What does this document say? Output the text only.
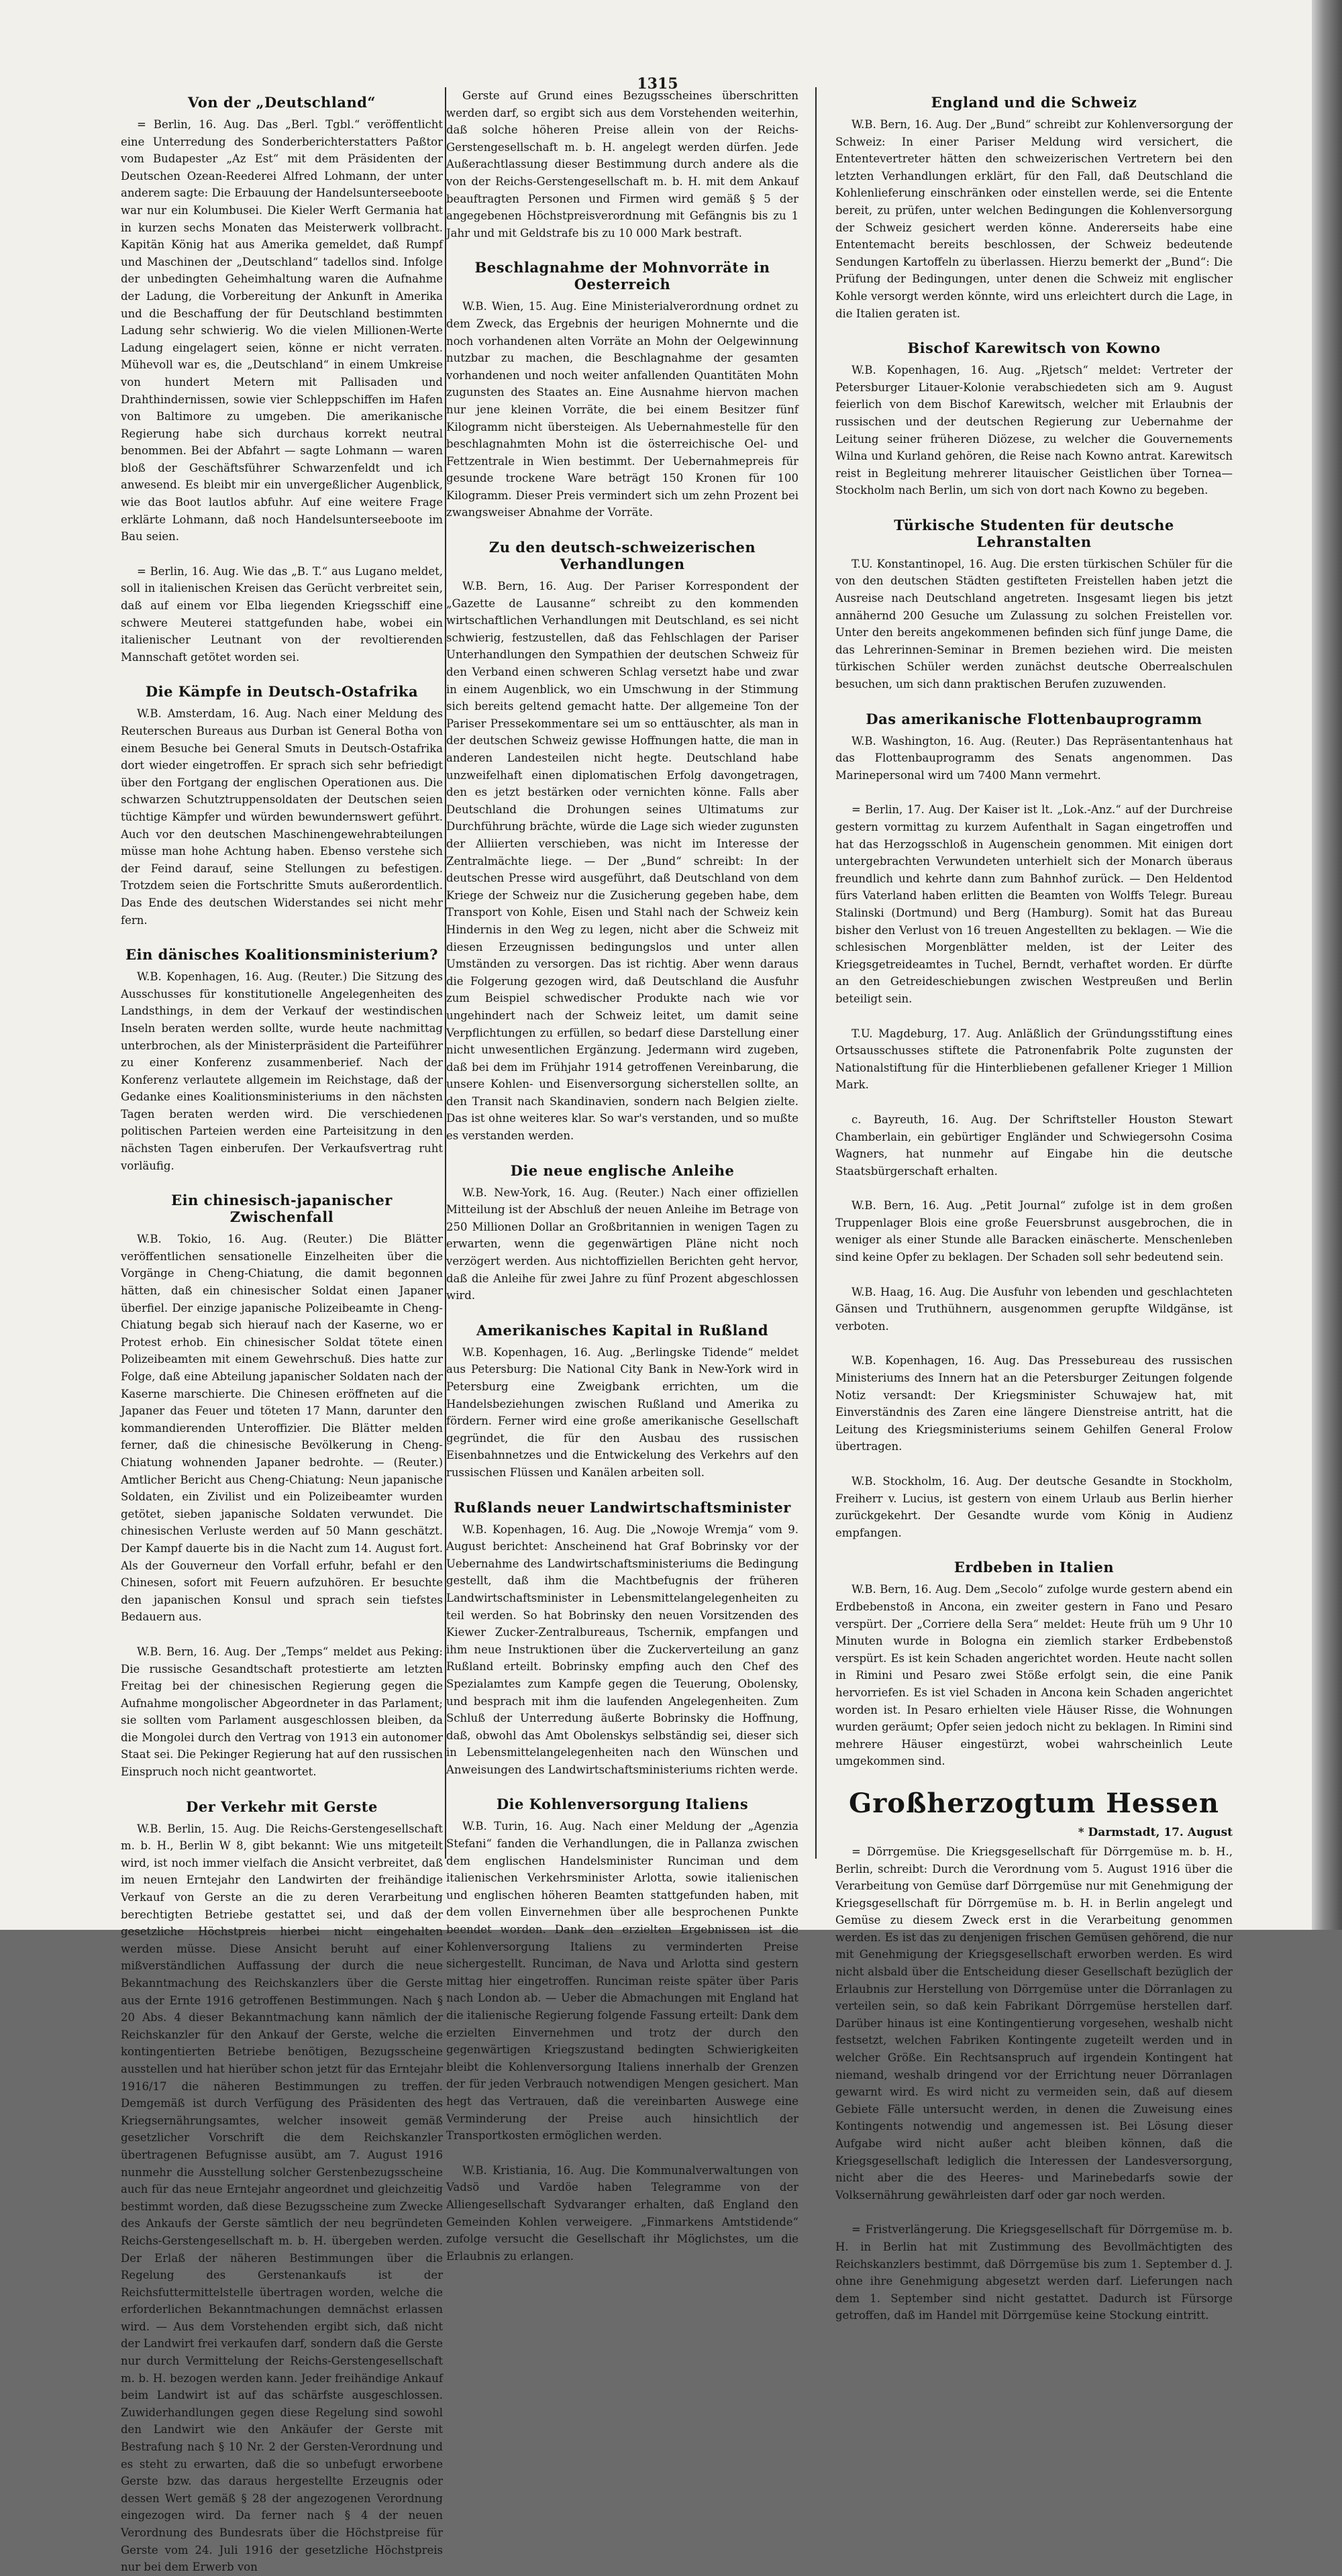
1315
Von der „Deutschland“
= Berlin, 16. Aug. Das „Berl. Tgbl.“ veröffentlicht eine Unterredung des Sonderberichterstatters Paßtor vom Budapester „Az Est“ mit dem Präsidenten der Deutschen Ozean-Reederei Alfred Lohmann, der unter anderem sagte: Die Erbauung der Handelsunterseeboote war nur ein Kolumbusei. Die Kieler Werft Germania hat in kurzen sechs Monaten das Meisterwerk vollbracht. Kapitän König hat aus Amerika gemeldet, daß Rumpf und Maschinen der „Deutschland“ tadellos sind. Infolge der unbedingten Geheimhaltung waren die Aufnahme der Ladung, die Vorbereitung der Ankunft in Amerika und die Beschaffung der für Deutschland bestimmten Ladung sehr schwierig. Wo die vielen Millionen-Werte Ladung eingelagert seien, könne er nicht verraten. Mühevoll war es, die „Deutschland“ in einem Umkreise von hundert Metern mit Pallisaden und Drahthindernissen, sowie vier Schleppschiffen im Hafen von Baltimore zu umgeben. Die amerikanische Regierung habe sich durchaus korrekt neutral benommen. Bei der Abfahrt — sagte Lohmann — waren bloß der Geschäftsführer Schwarzenfeldt und ich anwesend. Es bleibt mir ein unvergeßlicher Augenblick, wie das Boot lautlos abfuhr. Auf eine weitere Frage erklärte Lohmann, daß noch Handelsunterseeboote im Bau seien.
= Berlin, 16. Aug. Wie das „B. T.“ aus Lugano meldet, soll in italienischen Kreisen das Gerücht verbreitet sein, daß auf einem vor Elba liegenden Kriegsschiff eine schwere Meuterei stattgefunden habe, wobei ein italienischer Leutnant von der revoltierenden Mannschaft getötet worden sei.
Die Kämpfe in Deutsch-Ostafrika
W.B. Amsterdam, 16. Aug. Nach einer Meldung des Reuterschen Bureaus aus Durban ist General Botha von einem Besuche bei General Smuts in Deutsch-Ostafrika dort wieder eingetroffen. Er sprach sich sehr befriedigt über den Fortgang der englischen Operationen aus. Die schwarzen Schutztruppensoldaten der Deutschen seien tüchtige Kämpfer und würden bewundernswert geführt. Auch vor den deutschen Maschinengewehrabteilungen müsse man hohe Achtung haben. Ebenso verstehe sich der Feind darauf, seine Stellungen zu befestigen. Trotzdem seien die Fortschritte Smuts außerordentlich. Das Ende des deutschen Widerstandes sei nicht mehr fern.
Ein dänisches Koalitionsministerium?
W.B. Kopenhagen, 16. Aug. (Reuter.) Die Sitzung des Ausschusses für konstitutionelle Angelegenheiten des Landsthings, in dem der Verkauf der westindischen Inseln beraten werden sollte, wurde heute nachmittag unterbrochen, als der Ministerpräsident die Parteiführer zu einer Konferenz zusammenberief. Nach der Konferenz verlautete allgemein im Reichstage, daß der Gedanke eines Koalitionsministeriums in den nächsten Tagen beraten werden wird. Die verschiedenen politischen Parteien werden eine Parteisitzung in den nächsten Tagen einberufen. Der Verkaufsvertrag ruht vorläufig.
Ein chinesisch-japanischer Zwischenfall
W.B. Tokio, 16. Aug. (Reuter.) Die Blätter veröffentlichen sensationelle Einzelheiten über die Vorgänge in Cheng-Chiatung, die damit begonnen hätten, daß ein chinesischer Soldat einen Japaner überfiel. Der einzige japanische Polizeibeamte in Cheng-Chiatung begab sich hierauf nach der Kaserne, wo er Protest erhob. Ein chinesischer Soldat tötete einen Polizeibeamten mit einem Gewehrschuß. Dies hatte zur Folge, daß eine Abteilung japanischer Soldaten nach der Kaserne marschierte. Die Chinesen eröffneten auf die Japaner das Feuer und töteten 17 Mann, darunter den kommandierenden Unteroffizier. Die Blätter melden ferner, daß die chinesische Bevölkerung in Cheng-Chiatung wohnenden Japaner bedrohte. — (Reuter.) Amtlicher Bericht aus Cheng-Chiatung: Neun japanische Soldaten, ein Zivilist und ein Polizeibeamter wurden getötet, sieben japanische Soldaten verwundet. Die chinesischen Verluste werden auf 50 Mann geschätzt. Der Kampf dauerte bis in die Nacht zum 14. August fort. Als der Gouverneur den Vorfall erfuhr, befahl er den Chinesen, sofort mit Feuern aufzuhören. Er besuchte den japanischen Konsul und sprach sein tiefstes Bedauern aus.
W.B. Bern, 16. Aug. Der „Temps“ meldet aus Peking: Die russische Gesandtschaft protestierte am letzten Freitag bei der chinesischen Regierung gegen die Aufnahme mongolischer Abgeordneter in das Parlament; sie sollten vom Parlament ausgeschlossen bleiben, da die Mongolei durch den Vertrag von 1913 ein autonomer Staat sei. Die Pekinger Regierung hat auf den russischen Einspruch noch nicht geantwortet.
Der Verkehr mit Gerste
W.B. Berlin, 15. Aug. Die Reichs-Gerstengesellschaft m. b. H., Berlin W 8, gibt bekannt: Wie uns mitgeteilt wird, ist noch immer vielfach die Ansicht verbreitet, daß im neuen Erntejahr den Landwirten der freihändige Verkauf von Gerste an die zu deren Verarbeitung berechtigten Betriebe gestattet sei, und daß der gesetzliche Höchstpreis hierbei nicht eingehalten werden müsse. Diese Ansicht beruht auf einer mißverständlichen Auffassung der durch die neue Bekanntmachung des Reichskanzlers über die Gerste aus der Ernte 1916 getroffenen Bestimmungen. Nach § 20 Abs. 4 dieser Bekanntmachung kann nämlich der Reichskanzler für den Ankauf der Gerste, welche die kontingentierten Betriebe benötigen, Bezugsscheine ausstellen und hat hierüber schon jetzt für das Erntejahr 1916/17 die näheren Bestimmungen zu treffen. Demgemäß ist durch Verfügung des Präsidenten des Kriegsernährungsamtes, welcher insoweit gemäß gesetzlicher Vorschrift die dem Reichskanzler übertragenen Befugnisse ausübt, am 7. August 1916 nunmehr die Ausstellung solcher Gerstenbezugsscheine auch für das neue Erntejahr angeordnet und gleichzeitig bestimmt worden, daß diese Bezugsscheine zum Zwecke des Ankaufs der Gerste sämtlich der neu begründeten Reichs-Gerstengesellschaft m. b. H. übergeben werden. Der Erlaß der näheren Bestimmungen über die Regelung des Gerstenankaufs ist der Reichsfuttermittelstelle übertragen worden, welche die erforderlichen Bekanntmachungen demnächst erlassen wird. — Aus dem Vorstehenden ergibt sich, daß nicht der Landwirt frei verkaufen darf, sondern daß die Gerste nur durch Vermittelung der Reichs-Gerstengesellschaft m. b. H. bezogen werden kann. Jeder freihändige Ankauf beim Landwirt ist auf das schärfste ausgeschlossen. Zuwiderhandlungen gegen diese Regelung sind sowohl den Landwirt wie den Ankäufer der Gerste mit Bestrafung nach § 10 Nr. 2 der Gersten-Verordnung und es steht zu erwarten, daß die so unbefugt erworbene Gerste bzw. das daraus hergestellte Erzeugnis oder dessen Wert gemäß § 28 der angezogenen Verordnung eingezogen wird. Da ferner nach § 4 der neuen Verordnung des Bundesrats über die Höchstpreise für Gerste vom 24. Juli 1916 der gesetzliche Höchstpreis nur bei dem Erwerb von
Gerste auf Grund eines Bezugsscheines überschritten werden darf, so ergibt sich aus dem Vorstehenden weiterhin, daß solche höheren Preise allein von der Reichs-Gerstengesellschaft m. b. H. angelegt werden dürfen. Jede Außerachtlassung dieser Bestimmung durch andere als die von der Reichs-Gerstengesellschaft m. b. H. mit dem Ankauf beauftragten Personen und Firmen wird gemäß § 5 der angegebenen Höchstpreisverordnung mit Gefängnis bis zu 1 Jahr und mit Geldstrafe bis zu 10 000 Mark bestraft.
Beschlagnahme der Mohnvorräte in Oesterreich
W.B. Wien, 15. Aug. Eine Ministerialverordnung ordnet zu dem Zweck, das Ergebnis der heurigen Mohnernte und die noch vorhandenen alten Vorräte an Mohn der Oelgewinnung nutzbar zu machen, die Beschlagnahme der gesamten vorhandenen und noch weiter anfallenden Quantitäten Mohn zugunsten des Staates an. Eine Ausnahme hiervon machen nur jene kleinen Vorräte, die bei einem Besitzer fünf Kilogramm nicht übersteigen. Als Uebernahmestelle für den beschlagnahmten Mohn ist die österreichische Oel- und Fettzentrale in Wien bestimmt. Der Uebernahmepreis für gesunde trockene Ware beträgt 150 Kronen für 100 Kilogramm. Dieser Preis vermindert sich um zehn Prozent bei zwangsweiser Abnahme der Vorräte.
Zu den deutsch-schweizerischen Verhandlungen
W.B. Bern, 16. Aug. Der Pariser Korrespondent der „Gazette de Lausanne“ schreibt zu den kommenden wirtschaftlichen Verhandlungen mit Deutschland, es sei nicht schwierig, festzustellen, daß das Fehlschlagen der Pariser Unterhandlungen den Sympathien der deutschen Schweiz für den Verband einen schweren Schlag versetzt habe und zwar in einem Augenblick, wo ein Umschwung in der Stimmung sich bereits geltend gemacht hatte. Der allgemeine Ton der Pariser Pressekommentare sei um so enttäuschter, als man in der deutschen Schweiz gewisse Hoffnungen hatte, die man in anderen Landesteilen nicht hegte. Deutschland habe unzweifelhaft einen diplomatischen Erfolg davongetragen, den es jetzt bestärken oder vernichten könne. Falls aber Deutschland die Drohungen seines Ultimatums zur Durchführung brächte, würde die Lage sich wieder zugunsten der Alliierten verschieben, was nicht im Interesse der Zentralmächte liege. — Der „Bund“ schreibt: In der deutschen Presse wird ausgeführt, daß Deutschland von dem Kriege der Schweiz nur die Zusicherung gegeben habe, dem Transport von Kohle, Eisen und Stahl nach der Schweiz kein Hindernis in den Weg zu legen, nicht aber die Schweiz mit diesen Erzeugnissen bedingungslos und unter allen Umständen zu versorgen. Das ist richtig. Aber wenn daraus die Folgerung gezogen wird, daß Deutschland die Ausfuhr zum Beispiel schwedischer Produkte nach wie vor ungehindert nach der Schweiz leitet, um damit seine Verpflichtungen zu erfüllen, so bedarf diese Darstellung einer nicht unwesentlichen Ergänzung. Jedermann wird zugeben, daß bei dem im Frühjahr 1914 getroffenen Vereinbarung, die unsere Kohlen- und Eisenversorgung sicherstellen sollte, an den Transit nach Skandinavien, sondern nach Belgien zielte. Das ist ohne weiteres klar. So war's verstanden, und so mußte es verstanden werden.
Die neue englische Anleihe
W.B. New-York, 16. Aug. (Reuter.) Nach einer offiziellen Mitteilung ist der Abschluß der neuen Anleihe im Betrage von 250 Millionen Dollar an Großbritannien in wenigen Tagen zu erwarten, wenn die gegenwärtigen Pläne nicht noch verzögert werden. Aus nichtoffiziellen Berichten geht hervor, daß die Anleihe für zwei Jahre zu fünf Prozent abgeschlossen wird.
Amerikanisches Kapital in Rußland
W.B. Kopenhagen, 16. Aug. „Berlingske Tidende“ meldet aus Petersburg: Die National City Bank in New-York wird in Petersburg eine Zweigbank errichten, um die Handelsbeziehungen zwischen Rußland und Amerika zu fördern. Ferner wird eine große amerikanische Gesellschaft gegründet, die für den Ausbau des russischen Eisenbahnnetzes und die Entwickelung des Verkehrs auf den russischen Flüssen und Kanälen arbeiten soll.
Rußlands neuer Landwirtschaftsminister
W.B. Kopenhagen, 16. Aug. Die „Nowoje Wremja“ vom 9. August berichtet: Anscheinend hat Graf Bobrinsky vor der Uebernahme des Landwirtschaftsministeriums die Bedingung gestellt, daß ihm die Machtbefugnis der früheren Landwirtschaftsminister in Lebensmittelangelegenheiten zu teil werden. So hat Bobrinsky den neuen Vorsitzenden des Kiewer Zucker-Zentralbureaus, Tschernik, empfangen und ihm neue Instruktionen über die Zuckerverteilung an ganz Rußland erteilt. Bobrinsky empfing auch den Chef des Spezialamtes zum Kampfe gegen die Teuerung, Obolensky, und besprach mit ihm die laufenden Angelegenheiten. Zum Schluß der Unterredung äußerte Bobrinsky die Hoffnung, daß, obwohl das Amt Obolenskys selbständig sei, dieser sich in Lebensmittelangelegenheiten nach den Wünschen und Anweisungen des Landwirtschaftsministeriums richten werde.
Die Kohlenversorgung Italiens
W.B. Turin, 16. Aug. Nach einer Meldung der „Agenzia Stefani“ fanden die Verhandlungen, die in Pallanza zwischen dem englischen Handelsminister Runciman und dem italienischen Verkehrsminister Arlotta, sowie italienischen und englischen höheren Beamten stattgefunden haben, mit dem vollen Einvernehmen über alle besprochenen Punkte beendet worden. Dank den erzielten Ergebnissen ist die Kohlenversorgung Italiens zu verminderten Preise sichergestellt. Runciman, de Nava und Arlotta sind gestern mittag hier eingetroffen. Runciman reiste später über Paris nach London ab. — Ueber die Abmachungen mit England hat die italienische Regierung folgende Fassung erteilt: Dank dem erzielten Einvernehmen und trotz der durch den gegenwärtigen Kriegszustand bedingten Schwierigkeiten bleibt die Kohlenversorgung Italiens innerhalb der Grenzen der für jeden Verbrauch notwendigen Mengen gesichert. Man hegt das Vertrauen, daß die vereinbarten Auswege eine Verminderung der Preise auch hinsichtlich der Transportkosten ermöglichen werden.
W.B. Kristiania, 16. Aug. Die Kommunalverwaltungen von Vadsö und Vardöe haben Telegramme von der Alliengesellschaft Sydvaranger erhalten, daß England den Gemeinden Kohlen verweigere. „Finmarkens Amtstidende“ zufolge versucht die Gesellschaft ihr Möglichstes, um die Erlaubnis zu erlangen.
England und die Schweiz
W.B. Bern, 16. Aug. Der „Bund“ schreibt zur Kohlenversorgung der Schweiz: In einer Pariser Meldung wird versichert, die Ententevertreter hätten den schweizerischen Vertretern bei den letzten Verhandlungen erklärt, für den Fall, daß Deutschland die Kohlenlieferung einschränken oder einstellen werde, sei die Entente bereit, zu prüfen, unter welchen Bedingungen die Kohlenversorgung der Schweiz gesichert werden könne. Andererseits habe eine Ententemacht bereits beschlossen, der Schweiz bedeutende Sendungen Kartoffeln zu überlassen. Hierzu bemerkt der „Bund“: Die Prüfung der Bedingungen, unter denen die Schweiz mit englischer Kohle versorgt werden könnte, wird uns erleichtert durch die Lage, in die Italien geraten ist.
Bischof Karewitsch von Kowno
W.B. Kopenhagen, 16. Aug. „Rjetsch“ meldet: Vertreter der Petersburger Litauer-Kolonie verabschiedeten sich am 9. August feierlich von dem Bischof Karewitsch, welcher mit Erlaubnis der russischen und der deutschen Regierung zur Uebernahme der Leitung seiner früheren Diözese, zu welcher die Gouvernements Wilna und Kurland gehören, die Reise nach Kowno antrat. Karewitsch reist in Begleitung mehrerer litauischer Geistlichen über Tornea—Stockholm nach Berlin, um sich von dort nach Kowno zu begeben.
Türkische Studenten für deutsche Lehranstalten
T.U. Konstantinopel, 16. Aug. Die ersten türkischen Schüler für die von den deutschen Städten gestifteten Freistellen haben jetzt die Ausreise nach Deutschland angetreten. Insgesamt liegen bis jetzt annähernd 200 Gesuche um Zulassung zu solchen Freistellen vor. Unter den bereits angekommenen befinden sich fünf junge Dame, die das Lehrerinnen-Seminar in Bremen beziehen wird. Die meisten türkischen Schüler werden zunächst deutsche Oberrealschulen besuchen, um sich dann praktischen Berufen zuzuwenden.
Das amerikanische Flottenbauprogramm
W.B. Washington, 16. Aug. (Reuter.) Das Repräsentantenhaus hat das Flottenbauprogramm des Senats angenommen. Das Marinepersonal wird um 7400 Mann vermehrt.
= Berlin, 17. Aug. Der Kaiser ist lt. „Lok.-Anz.“ auf der Durchreise gestern vormittag zu kurzem Aufenthalt in Sagan eingetroffen und hat das Herzogsschloß in Augenschein genommen. Mit einigen dort untergebrachten Verwundeten unterhielt sich der Monarch überaus freundlich und kehrte dann zum Bahnhof zurück. — Den Heldentod fürs Vaterland haben erlitten die Beamten von Wolffs Telegr. Bureau Stalinski (Dortmund) und Berg (Hamburg). Somit hat das Bureau bisher den Verlust von 16 treuen Angestellten zu beklagen. — Wie die schlesischen Morgenblätter melden, ist der Leiter des Kriegsgetreideamtes in Tuchel, Berndt, verhaftet worden. Er dürfte an den Getreideschiebungen zwischen Westpreußen und Berlin beteiligt sein.
T.U. Magdeburg, 17. Aug. Anläßlich der Gründungsstiftung eines Ortsausschusses stiftete die Patronenfabrik Polte zugunsten der Nationalstiftung für die Hinterbliebenen gefallener Krieger 1 Million Mark.
c. Bayreuth, 16. Aug. Der Schriftsteller Houston Stewart Chamberlain, ein gebürtiger Engländer und Schwiegersohn Cosima Wagners, hat nunmehr auf Eingabe hin die deutsche Staatsbürgerschaft erhalten.
W.B. Bern, 16. Aug. „Petit Journal“ zufolge ist in dem großen Truppenlager Blois eine große Feuersbrunst ausgebrochen, die in weniger als einer Stunde alle Baracken einäscherte. Menschenleben sind keine Opfer zu beklagen. Der Schaden soll sehr bedeutend sein.
W.B. Haag, 16. Aug. Die Ausfuhr von lebenden und geschlachteten Gänsen und Truthühnern, ausgenommen gerupfte Wildgänse, ist verboten.
W.B. Kopenhagen, 16. Aug. Das Pressebureau des russischen Ministeriums des Innern hat an die Petersburger Zeitungen folgende Notiz versandt: Der Kriegsminister Schuwajew hat, mit Einverständnis des Zaren eine längere Dienstreise antritt, hat die Leitung des Kriegsministeriums seinem Gehilfen General Frolow übertragen.
W.B. Stockholm, 16. Aug. Der deutsche Gesandte in Stockholm, Freiherr v. Lucius, ist gestern von einem Urlaub aus Berlin hierher zurückgekehrt. Der Gesandte wurde vom König in Audienz empfangen.
Erdbeben in Italien
W.B. Bern, 16. Aug. Dem „Secolo“ zufolge wurde gestern abend ein Erdbebenstoß in Ancona, ein zweiter gestern in Fano und Pesaro verspürt. Der „Corriere della Sera“ meldet: Heute früh um 9 Uhr 10 Minuten wurde in Bologna ein ziemlich starker Erdbebenstoß verspürt. Es ist kein Schaden angerichtet worden. Heute nacht sollen in Rimini und Pesaro zwei Stöße erfolgt sein, die eine Panik hervorriefen. Es ist viel Schaden in Ancona kein Schaden angerichtet worden ist. In Pesaro erhielten viele Häuser Risse, die Wohnungen wurden geräumt; Opfer seien jedoch nicht zu beklagen. In Rimini sind mehrere Häuser eingestürzt, wobei wahrscheinlich Leute umgekommen sind.
Großherzogtum Hessen
* Darmstadt, 17. August
= Dörrgemüse. Die Kriegsgesellschaft für Dörrgemüse m. b. H., Berlin, schreibt: Durch die Verordnung vom 5. August 1916 über die Verarbeitung von Gemüse darf Dörrgemüse nur mit Genehmigung der Kriegsgesellschaft für Dörrgemüse m. b. H. in Berlin angelegt und Gemüse zu diesem Zweck erst in die Verarbeitung genommen werden. Es ist das zu denjenigen frischen Gemüsen gehörend, die nur mit Genehmigung der Kriegsgesellschaft erworben werden. Es wird nicht alsbald über die Entscheidung dieser Gesellschaft bezüglich der Erlaubnis zur Herstellung von Dörrgemüse unter die Dörranlagen zu verteilen sein, so daß kein Fabrikant Dörrgemüse herstellen darf. Darüber hinaus ist eine Kontingentierung vorgesehen, weshalb nicht festsetzt, welchen Fabriken Kontingente zugeteilt werden und in welcher Größe. Ein Rechtsanspruch auf irgendein Kontingent hat niemand, weshalb dringend vor der Errichtung neuer Dörranlagen gewarnt wird. Es wird nicht zu vermeiden sein, daß auf diesem Gebiete Fälle untersucht werden, in denen die Zuweisung eines Kontingents notwendig und angemessen ist. Bei Lösung dieser Aufgabe wird nicht außer acht bleiben können, daß die Kriegsgesellschaft lediglich die Interessen der Landesversorgung, nicht aber die des Heeres- und Marinebedarfs sowie der Volksernährung gewährleisten darf oder gar noch werden.
= Fristverlängerung. Die Kriegsgesellschaft für Dörrgemüse m. b. H. in Berlin hat mit Zustimmung des Bevollmächtigten des Reichskanzlers bestimmt, daß Dörrgemüse bis zum 1. September d. J. ohne ihre Genehmigung abgesetzt werden darf. Lieferungen nach dem 1. September sind nicht gestattet. Dadurch ist Fürsorge getroffen, daß im Handel mit Dörrgemüse keine Stockung eintritt.
